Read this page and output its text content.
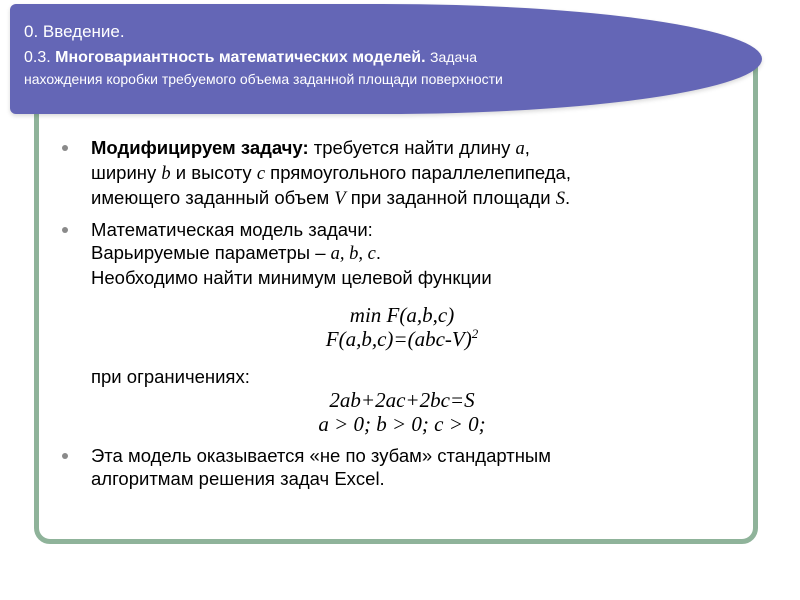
0. Введение.
0.3. Многовариантность математических моделей. Задача
нахождения коробки требуемого объема заданной площади поверхности
Модифицируем задачу: требуется найти длину a,
ширину b и высоту c прямоугольного параллелепипеда,
имеющего заданный объем V при заданной площади S.
Математическая модель задачи:
Варьируемые параметры – a, b, c.
Необходимо найти минимум целевой функции
min F(a,b,c)
$F(a,b,c)=(abc-V)^2$
при ограничениях:
2ab+2ac+2bc=S
a > 0; b > 0; c > 0;
Эта модель оказывается «не по зубам» стандартным
алгоритмам решения задач Excel.
